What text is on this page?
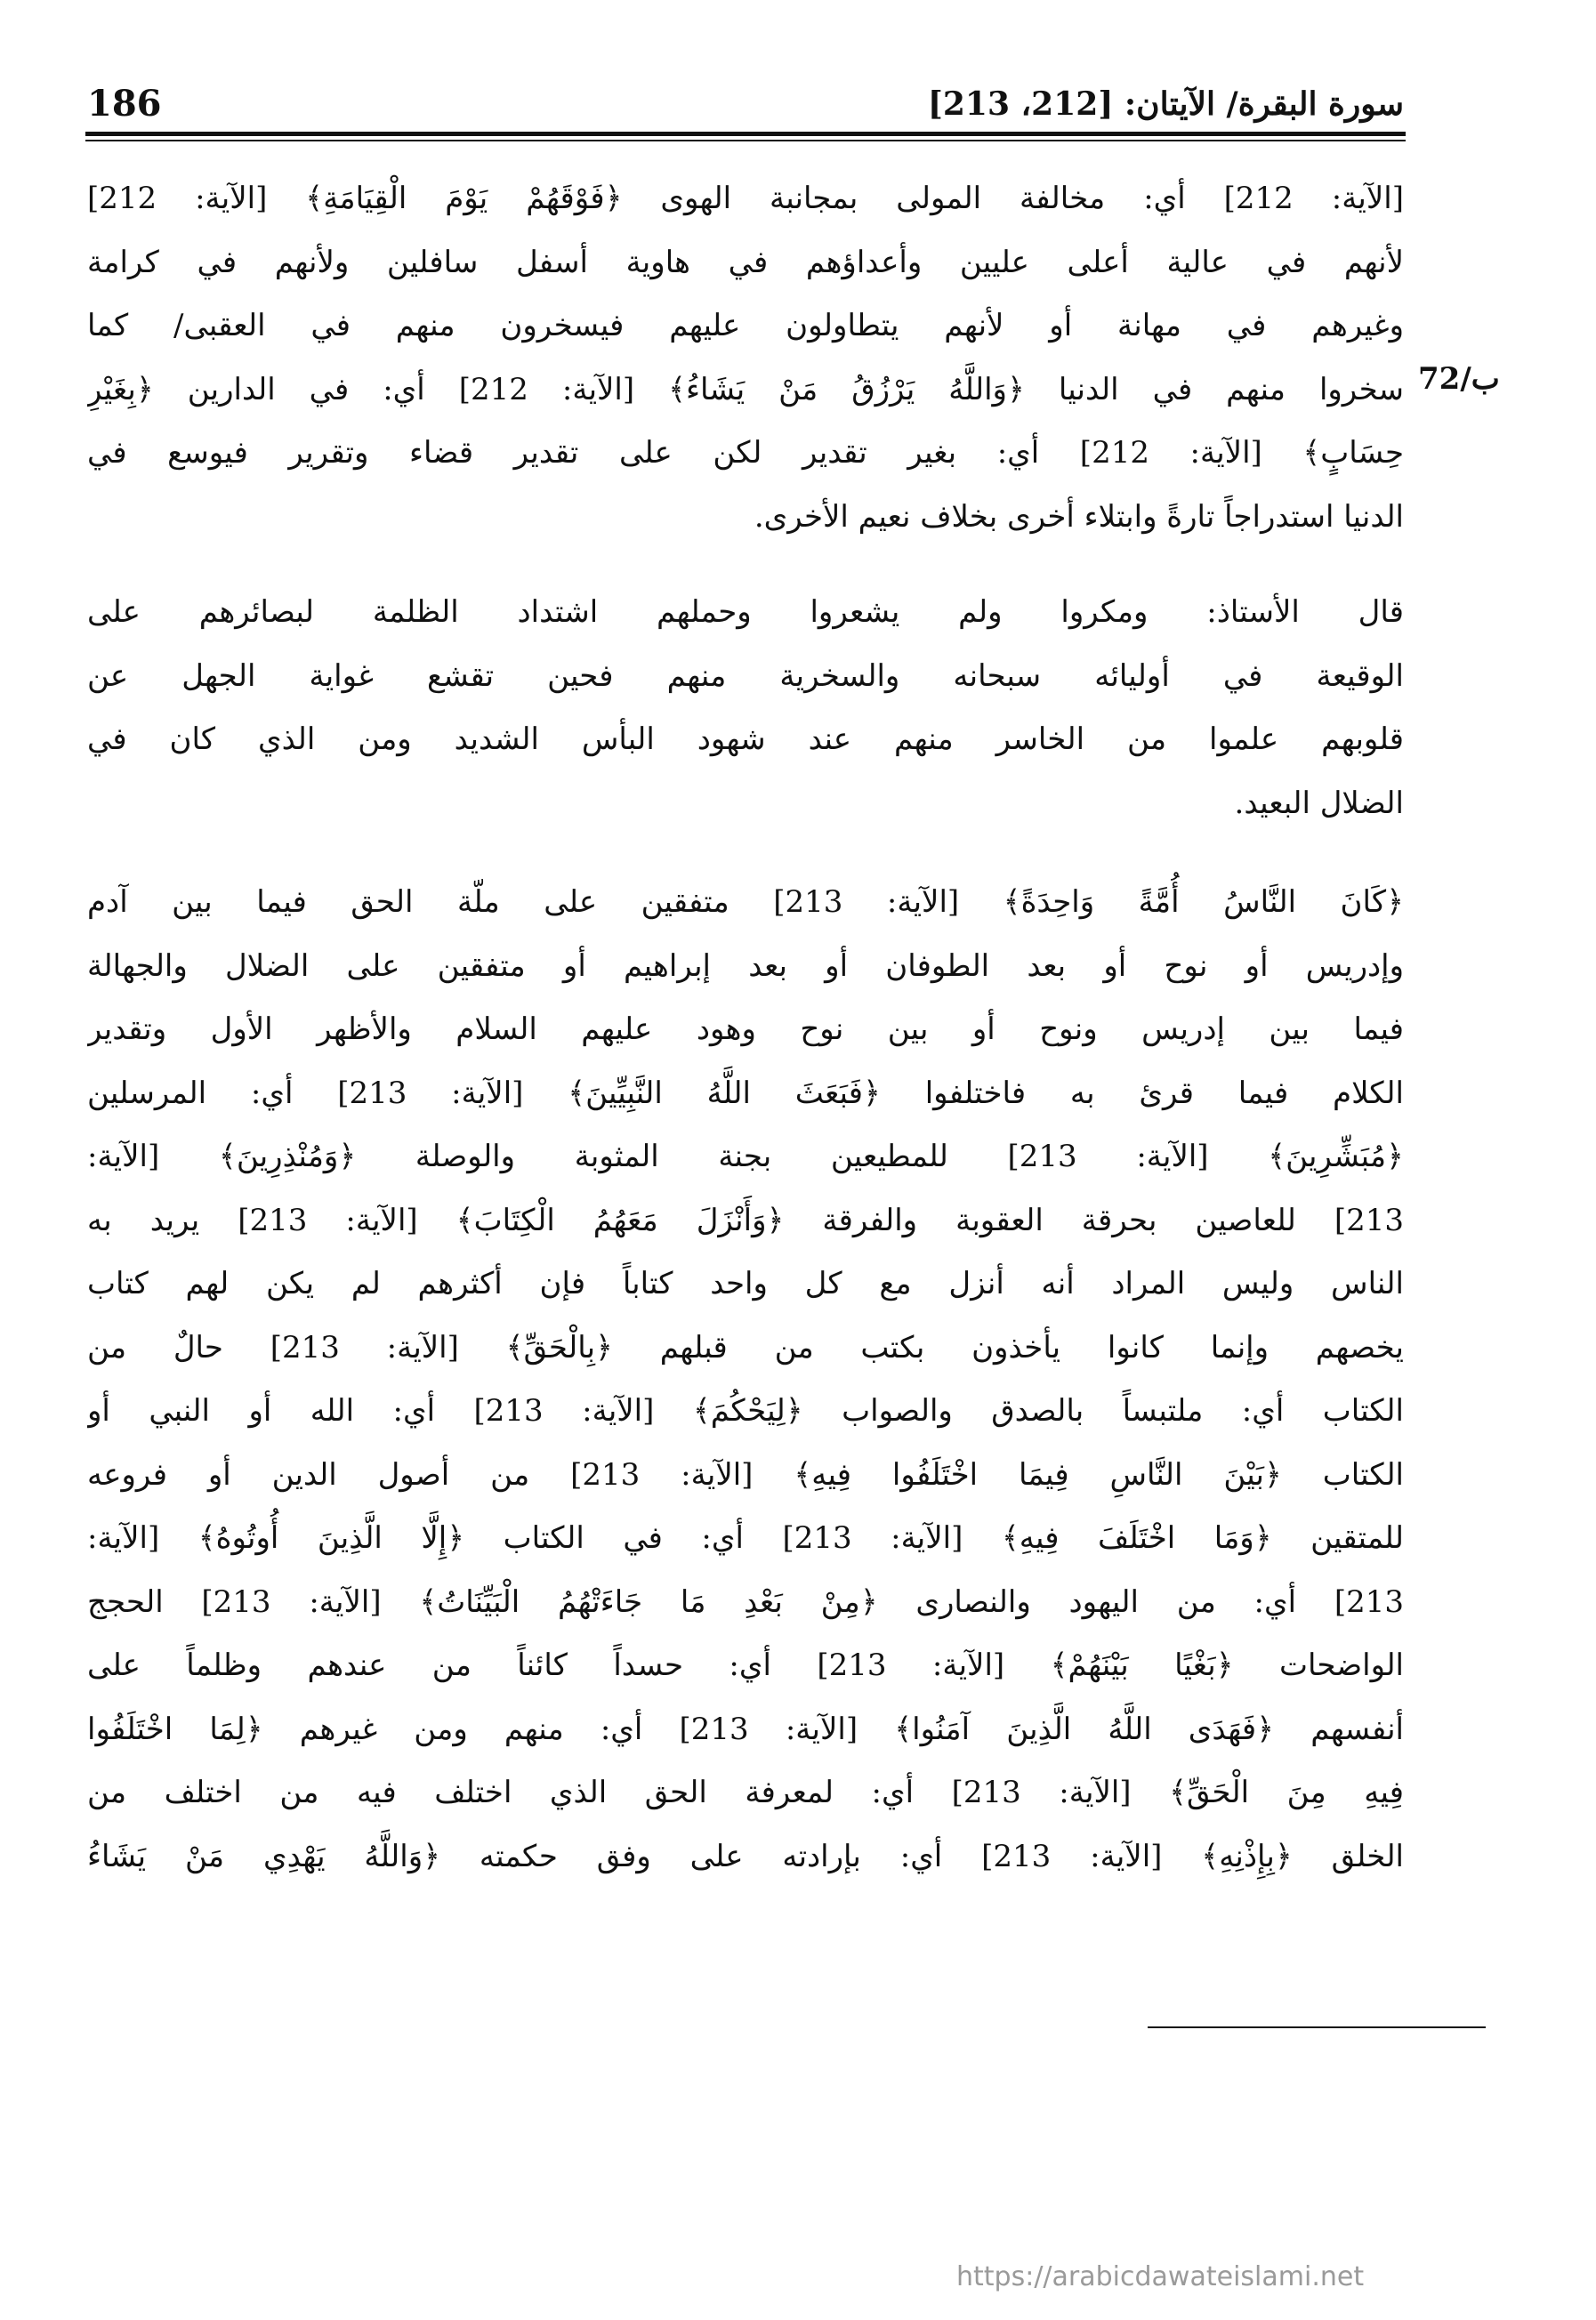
186	سورة البقرة/ الآيتان: [212، 213]
72/ب
[الآية: 212] أي: مخالفة المولى بمجانبة الهوى ﴿فَوْقَهُمْ يَوْمَ الْقِيَامَةِ﴾ [الآية: 212]
لأنهم في عالية أعلى عليين وأعداؤهم في هاوية أسفل سافلين ولأنهم في كرامة
وغيرهم في مهانة أو لأنهم يتطاولون عليهم فيسخرون منهم في العقبى/ كما
سخروا منهم في الدنيا ﴿وَاللَّهُ يَرْزُقُ مَنْ يَشَاءُ﴾ [الآية: 212] أي: في الدارين ﴿بِغَيْرِ
حِسَابٍ﴾ [الآية: 212] أي: بغير تقدير لكن على تقدير قضاء وتقرير فيوسع في
الدنيا استدراجاً تارةً وابتلاء أخرى بخلاف نعيم الأخرى.
قال الأستاذ: ومكروا ولم يشعروا وحملهم اشتداد الظلمة لبصائرهم على
الوقيعة في أوليائه سبحانه والسخرية منهم فحين تقشع غواية الجهل عن
قلوبهم علموا من الخاسر منهم عند شهود البأس الشديد ومن الذي كان في
الضلال البعيد.
﴿كَانَ النَّاسُ أُمَّةً وَاحِدَةً﴾ [الآية: 213] متفقين على ملّة الحق فيما بين آدم
وإدريس أو نوح أو بعد الطوفان أو بعد إبراهيم أو متفقين على الضلال والجهالة
فيما بين إدريس ونوح أو بين نوح وهود عليهم السلام والأظهر الأول وتقدير
الكلام فيما قرئ به فاختلفوا ﴿فَبَعَثَ اللَّهُ النَّبِيِّينَ﴾ [الآية: 213] أي: المرسلين
﴿مُبَشِّرِينَ﴾ [الآية: 213] للمطيعين بجنة المثوبة والوصلة ﴿وَمُنْذِرِينَ﴾ [الآية:
213] للعاصين بحرقة العقوبة والفرقة ﴿وَأَنْزَلَ مَعَهُمُ الْكِتَابَ﴾ [الآية: 213] يريد به
الناس وليس المراد أنه أنزل مع كل واحد كتاباً فإن أكثرهم لم يكن لهم كتاب
يخصهم وإنما كانوا يأخذون بكتب من قبلهم ﴿بِالْحَقِّ﴾ [الآية: 213] حالٌ من
الكتاب أي: ملتبساً بالصدق والصواب ﴿لِيَحْكُمَ﴾ [الآية: 213] أي: الله أو النبي أو
الكتاب ﴿بَيْنَ النَّاسِ فِيمَا اخْتَلَفُوا فِيهِ﴾ [الآية: 213] من أصول الدين أو فروعه
للمتقين ﴿وَمَا اخْتَلَفَ فِيهِ﴾ [الآية: 213] أي: في الكتاب ﴿إِلَّا الَّذِينَ أُوتُوهُ﴾ [الآية:
213] أي: من اليهود والنصارى ﴿مِنْ بَعْدِ مَا جَاءَتْهُمُ الْبَيِّنَاتُ﴾ [الآية: 213] الحجج
الواضحات ﴿بَغْيًا بَيْنَهُمْ﴾ [الآية: 213] أي: حسداً كائناً من عندهم وظلماً على
أنفسهم ﴿فَهَدَى اللَّهُ الَّذِينَ آمَنُوا﴾ [الآية: 213] أي: منهم ومن غيرهم ﴿لِمَا اخْتَلَفُوا
فِيهِ مِنَ الْحَقِّ﴾ [الآية: 213] أي: لمعرفة الحق الذي اختلف فيه من اختلف من
الخلق ﴿بِإِذْنِهِ﴾ [الآية: 213] أي: بإرادته على وفق حكمته ﴿وَاللَّهُ يَهْدِي مَنْ يَشَاءُ
https://arabicdawateislami.net
